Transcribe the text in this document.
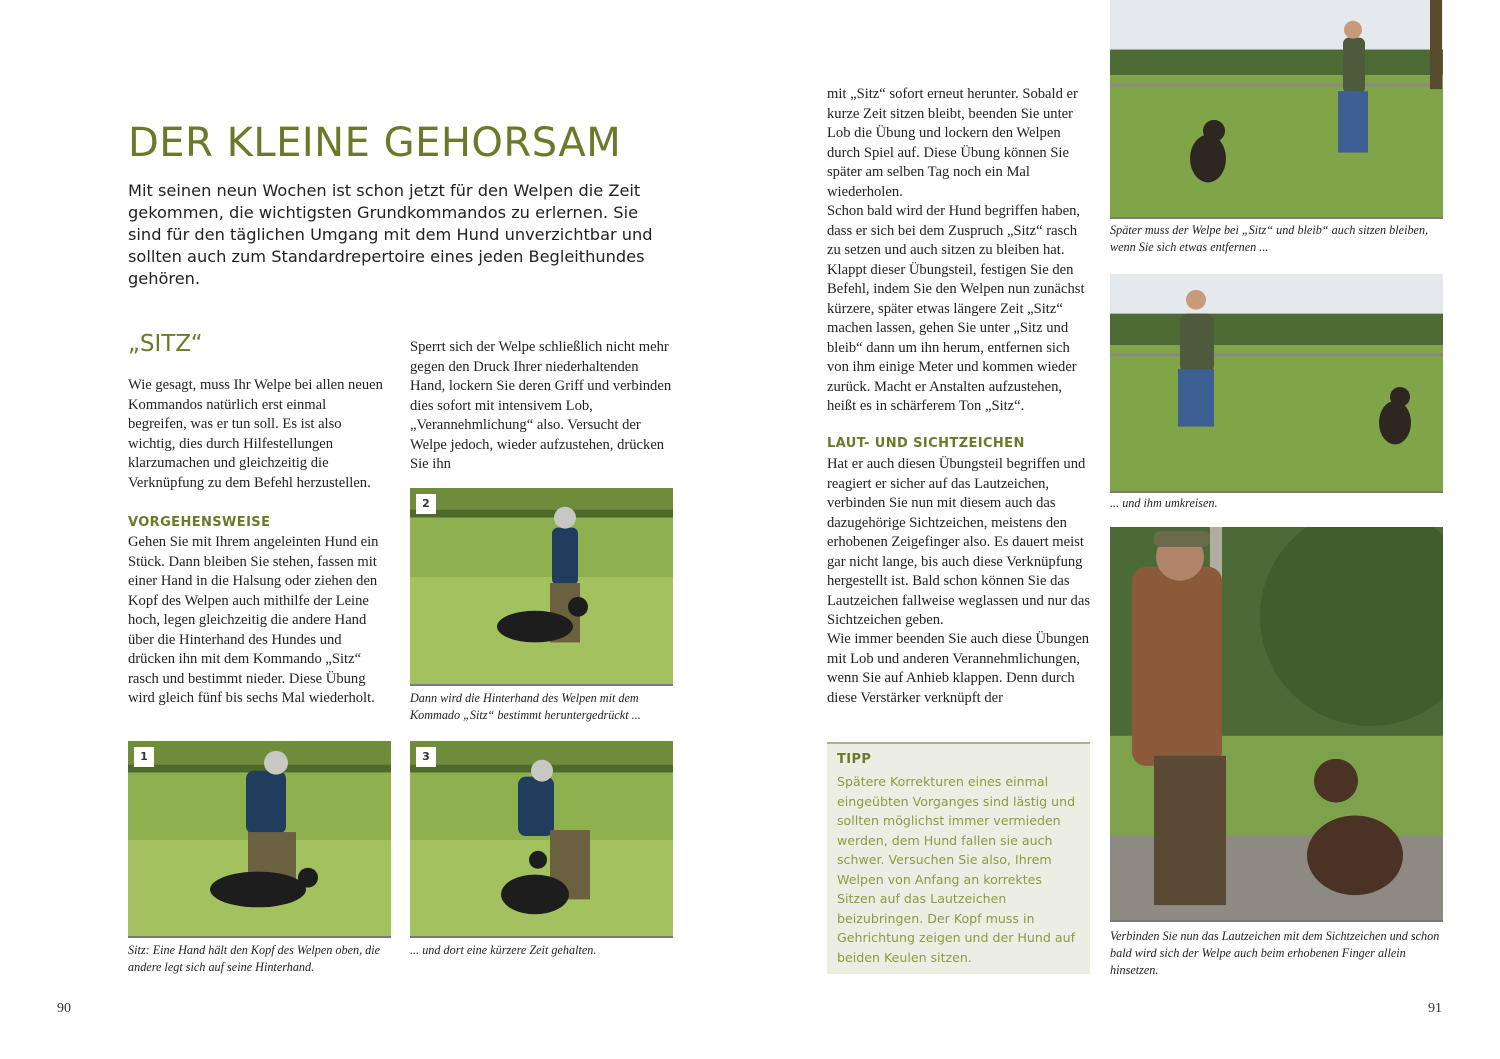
DER KLEINE GEHORSAM
Mit seinen neun Wochen ist schon jetzt für den Welpen die Zeit gekommen, die wichtigsten Grundkommandos zu erlernen. Sie sind für den täglichen Umgang mit dem Hund unverzichtbar und sollten auch zum Standardrepertoire eines jeden Begleithundes gehören.
„SITZ“
Wie gesagt, muss Ihr Welpe bei allen neuen Kommandos natürlich erst einmal begreifen, was er tun soll. Es ist also wichtig, dies durch Hilfestellungen klarzumachen und gleichzeitig die Verknüpfung zu dem Befehl herzustellen.
VORGEHENSWEISE
Gehen Sie mit Ihrem angeleinten Hund ein Stück. Dann bleiben Sie stehen, fassen mit einer Hand in die Halsung oder ziehen den Kopf des Welpen auch mithilfe der Leine hoch, legen gleichzeitig die andere Hand über die Hinterhand des Hundes und drücken ihn mit dem Kommando „Sitz“ rasch und bestimmt nieder. Diese Übung wird gleich fünf bis sechs Mal wiederholt.
Sperrt sich der Welpe schließlich nicht mehr gegen den Druck Ihrer niederhaltenden Hand, lockern Sie deren Griff und verbinden dies sofort mit intensivem Lob, „Verannehmlichung“ also. Versucht der Welpe jedoch, wieder aufzustehen, drücken Sie ihn
2
Dann wird die Hinterhand des Welpen mit dem Kommado „Sitz“ bestimmt heruntergedrückt ...
1
Sitz: Eine Hand hält den Kopf des Welpen oben, die andere legt sich auf seine Hinterhand.
3
... und dort eine kürzere Zeit gehalten.
90
mit „Sitz“ sofort erneut herunter. Sobald er kurze Zeit sitzen bleibt, beenden Sie unter Lob die Übung und lockern den Welpen durch Spiel auf. Diese Übung können Sie später am selben Tag noch ein Mal wiederholen.
Schon bald wird der Hund begriffen haben, dass er sich bei dem Zuspruch „Sitz“ rasch zu setzen und auch sitzen zu bleiben hat. Klappt dieser Übungsteil, festigen Sie den Befehl, indem Sie den Welpen nun zunächst kürzere, später etwas längere Zeit „Sitz“ machen lassen, gehen Sie unter „Sitz und bleib“ dann um ihn herum, entfernen sich von ihm einige Meter und kommen wieder zurück. Macht er Anstalten aufzustehen, heißt es in schärferem Ton „Sitz“.
LAUT- UND SICHTZEICHEN
Hat er auch diesen Übungsteil begriffen und reagiert er sicher auf das Lautzeichen, verbinden Sie nun mit diesem auch das dazugehörige Sichtzeichen, meistens den erhobenen Zeigefinger also. Es dauert meist gar nicht lange, bis auch diese Verknüpfung hergestellt ist. Bald schon können Sie das Lautzeichen fallweise weglassen und nur das Sichtzeichen geben.
Wie immer beenden Sie auch diese Übungen mit Lob und anderen Verannehmlichungen, wenn Sie auf Anhieb klappen. Denn durch diese Verstärker verknüpft der
TIPP
Spätere Korrekturen eines einmal eingeübten Vorganges sind lästig und sollten möglichst immer vermieden werden, dem Hund fallen sie auch schwer. Versuchen Sie also, Ihrem Welpen von Anfang an korrektes Sitzen auf das Lautzeichen beizubringen. Der Kopf muss in Gehrichtung zeigen und der Hund auf beiden Keulen sitzen.
Später muss der Welpe bei „Sitz“ und bleib“ auch sitzen bleiben, wenn Sie sich etwas entfernen ...
... und ihm umkreisen.
Verbinden Sie nun das Lautzeichen mit dem Sichtzeichen und schon bald wird sich der Welpe auch beim erhobenen Finger allein hinsetzen.
91
